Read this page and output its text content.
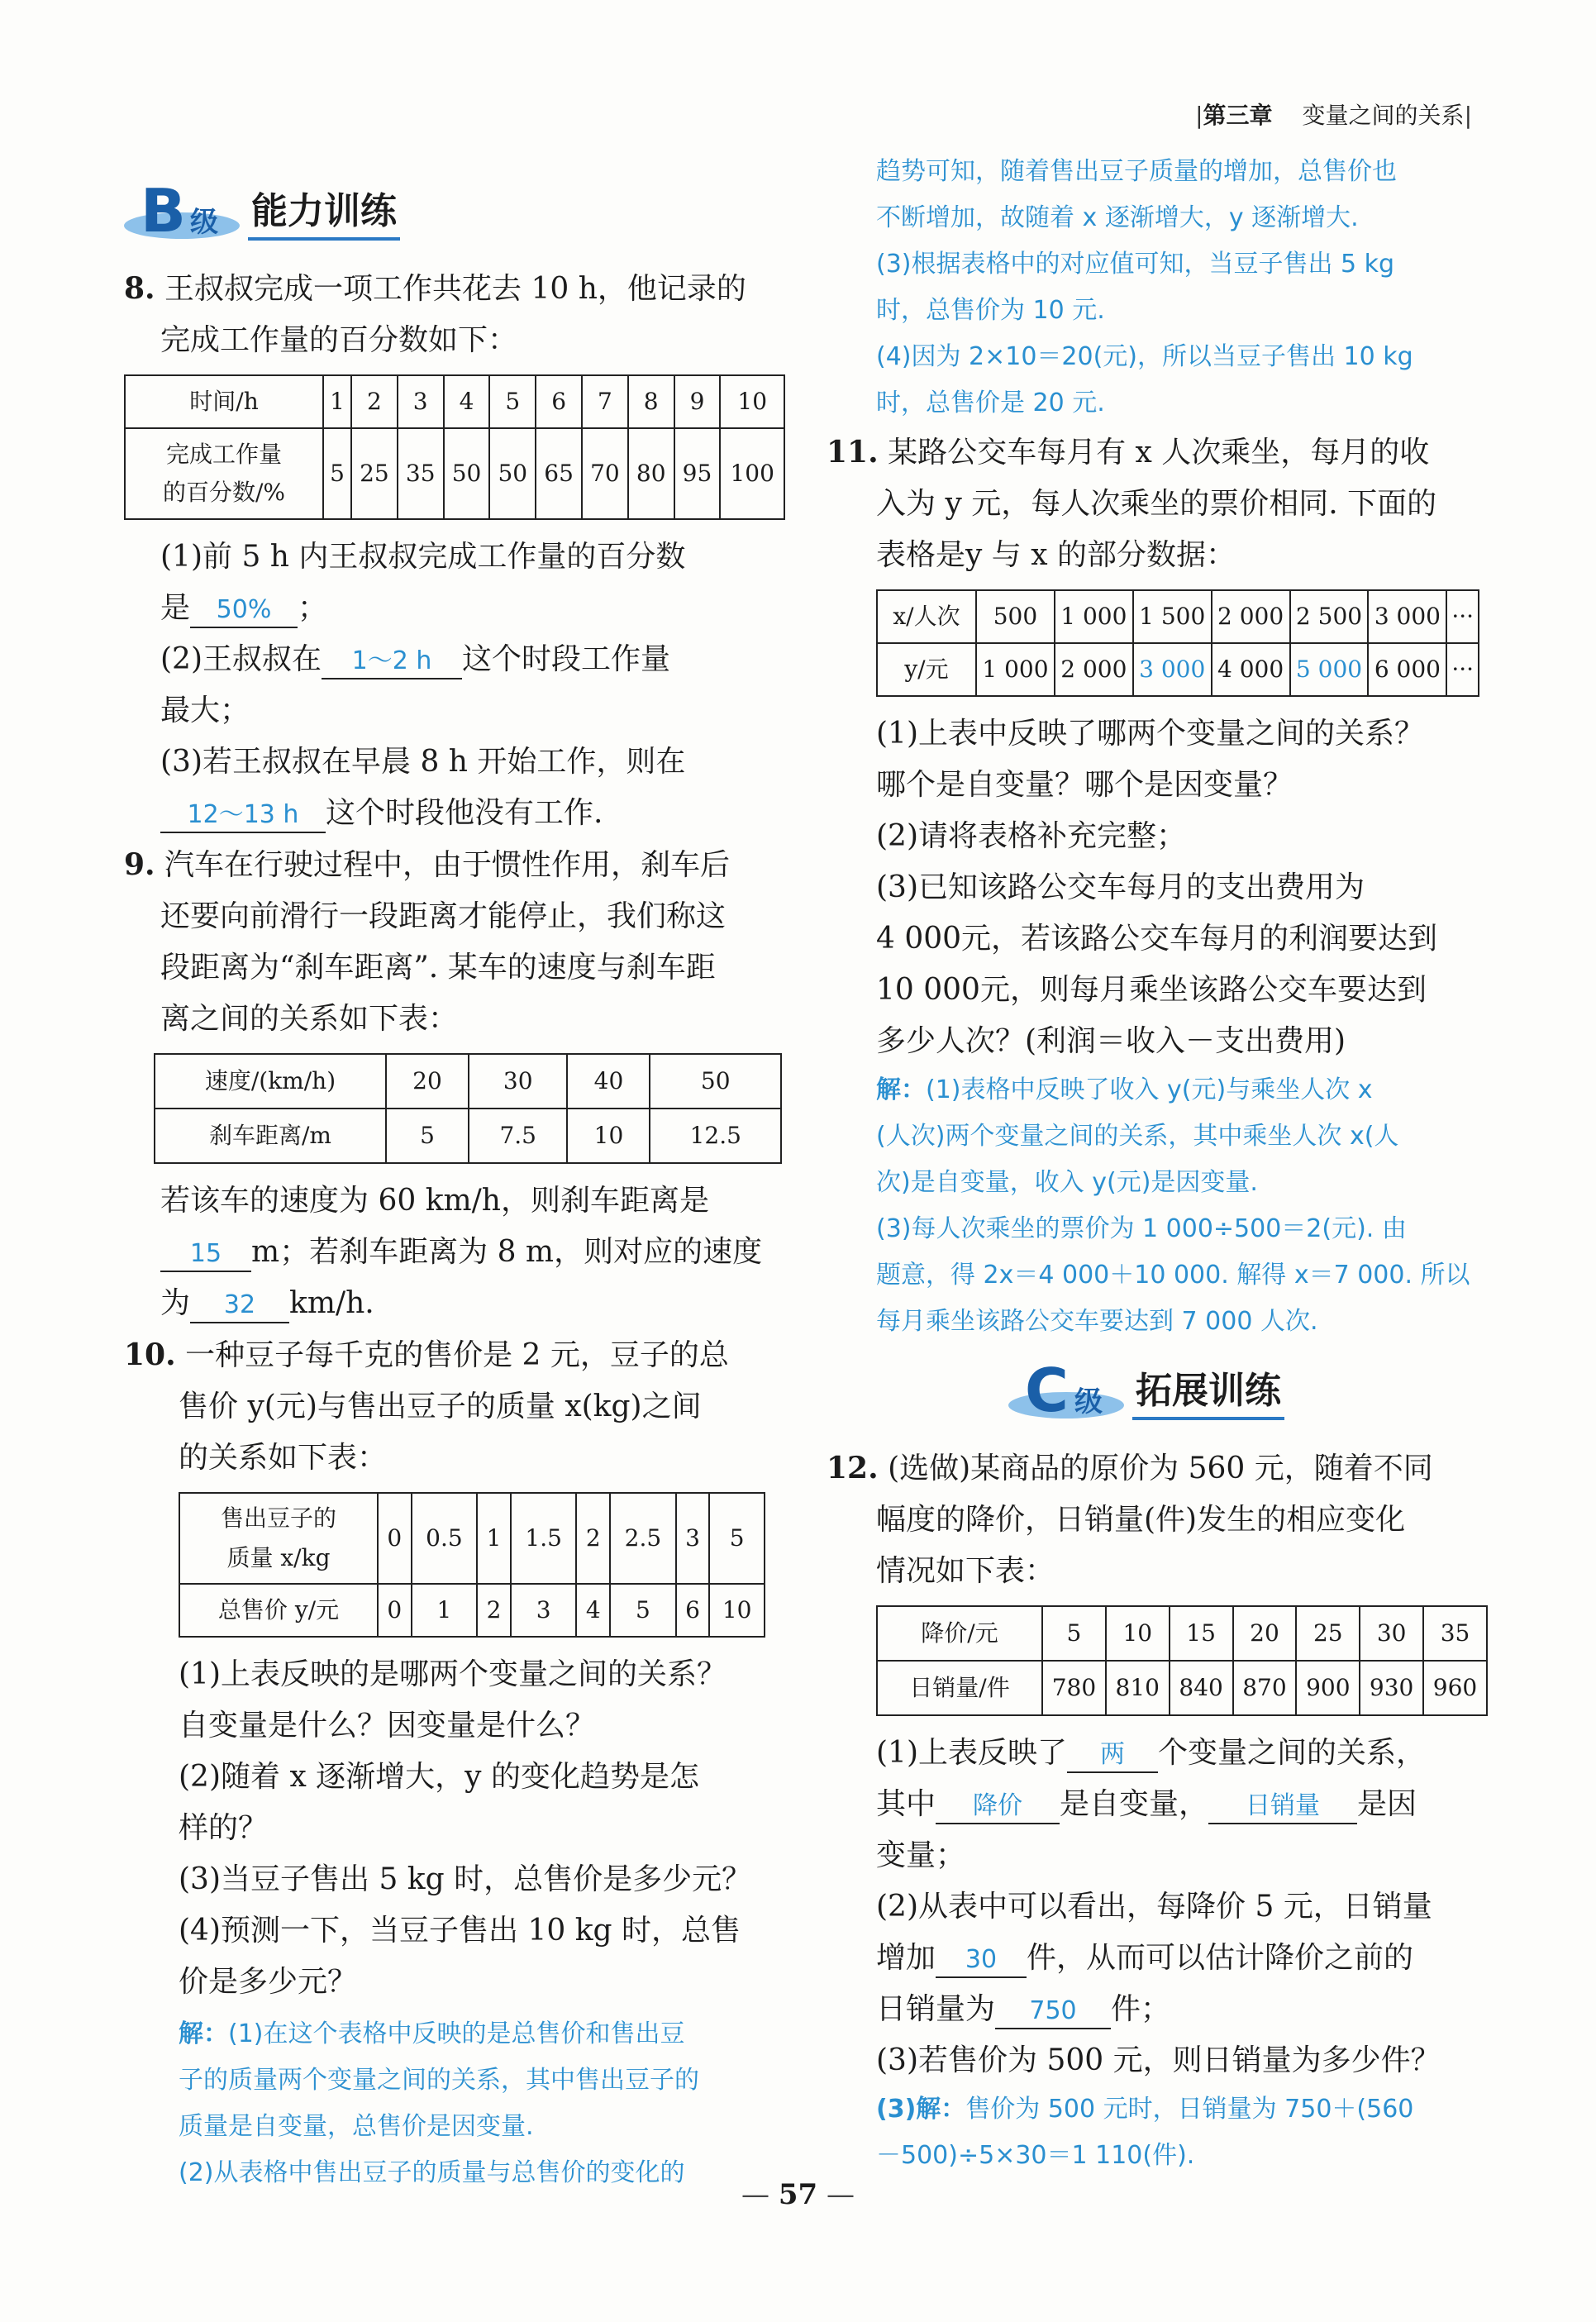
|第三章 变量之间的关系|
B 级 能力训练
8. 王叔叔完成一项工作共花去 10 h，他记录的
完成工作量的百分数如下：
时间/h	1	2	3	4	5	6	7	8	9	10

完成工作量
的百分数/%	5	25	35	50	50	65	70	80	95	100
(1)前 5 h 内王叔叔完成工作量的百分数
是 50% ；
(2)王叔叔在 1～2 h 这个时段工作量
最大；
(3)若王叔叔在早晨 8 h 开始工作，则在
12～13 h 这个时段他没有工作.
9. 汽车在行驶过程中，由于惯性作用，刹车后
还要向前滑行一段距离才能停止，我们称这
段距离为“刹车距离”. 某车的速度与刹车距
离之间的关系如下表：
速度/(km/h)	20	30	40	50
刹车距离/m	5	7.5	10	12.5
若该车的速度为 60 km/h，则刹车距离是
15 m；若刹车距离为 8 m，则对应的速度
为 32 km/h.
10. 一种豆子每千克的售价是 2 元，豆子的总
售价 y(元)与售出豆子的质量 x(kg)之间
的关系如下表：
售出豆子的
质量 x/kg	0	0.5	1	1.5	2	2.5	3	5
总售价 y/元	0	1	2	3	4	5	6	10
(1)上表反映的是哪两个变量之间的关系？
自变量是什么？因变量是什么？
(2)随着 x 逐渐增大，y 的变化趋势是怎
样的？
(3)当豆子售出 5 kg 时，总售价是多少元？
(4)预测一下，当豆子售出 10 kg 时，总售
价是多少元？
解：(1)在这个表格中反映的是总售价和售出豆
子的质量两个变量之间的关系，其中售出豆子的
质量是自变量，总售价是因变量.
(2)从表格中售出豆子的质量与总售价的变化的
趋势可知，随着售出豆子质量的增加，总售价也
不断增加，故随着 x 逐渐增大，y 逐渐增大.
(3)根据表格中的对应值可知，当豆子售出 5 kg
时，总售价为 10 元.
(4)因为 2×10＝20(元)，所以当豆子售出 10 kg
时，总售价是 20 元.
11. 某路公交车每月有 x 人次乘坐，每月的收
入为 y 元，每人次乘坐的票价相同. 下面的
表格是y 与 x 的部分数据：
x/人次	500	1 000	1 500	2 000	2 500	3 000	···
y/元	1 000	2 000	3 000	4 000	5 000	6 000	···
(1)上表中反映了哪两个变量之间的关系？
哪个是自变量？哪个是因变量？
(2)请将表格补充完整；
(3)已知该路公交车每月的支出费用为
4 000元，若该路公交车每月的利润要达到
10 000元，则每月乘坐该路公交车要达到
多少人次？(利润＝收入－支出费用)
解：(1)表格中反映了收入 y(元)与乘坐人次 x
(人次)两个变量之间的关系，其中乘坐人次 x(人
次)是自变量，收入 y(元)是因变量.
(3)每人次乘坐的票价为 1 000÷500＝2(元). 由
题意，得 2x＝4 000＋10 000. 解得 x＝7 000. 所以
每月乘坐该路公交车要达到 7 000 人次.
C 级 拓展训练
12. (选做)某商品的原价为 560 元，随着不同
幅度的降价，日销量(件)发生的相应变化
情况如下表：
降价/元	5	10	15	20	25	30	35
日销量/件	780	810	840	870	900	930	960
(1)上表反映了 两 个变量之间的关系，
其中 降价 是自变量， 日销量 是因
变量；
(2)从表中可以看出，每降价 5 元，日销量
增加 30 件，从而可以估计降价之前的
日销量为 750 件；
(3)若售价为 500 元，则日销量为多少件？
(3)解：售价为 500 元时，日销量为 750＋(560
－500)÷5×30＝1 110(件).
— 57 —
